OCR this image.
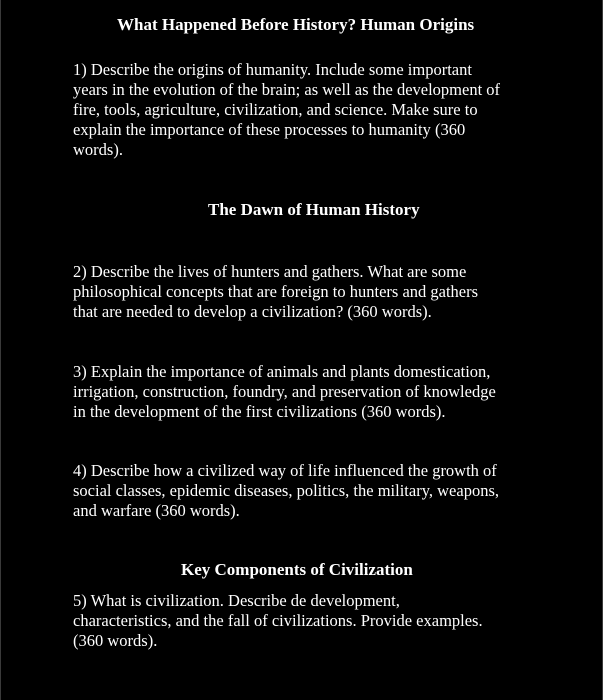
What Happened Before History? Human Origins
1) Describe the origins of humanity. Include some important
years in the evolution of the brain; as well as the development of
fire, tools, agriculture, civilization, and science. Make sure to
explain the importance of these processes to humanity (360
words).
The Dawn of Human History
2) Describe the lives of hunters and gathers. What are some
philosophical concepts that are foreign to hunters and gathers
that are needed to develop a civilization? (360 words).
3) Explain the importance of animals and plants domestication,
irrigation, construction, foundry, and preservation of knowledge
in the development of the first civilizations (360 words).
4) Describe how a civilized way of life influenced the growth of
social classes, epidemic diseases, politics, the military, weapons,
and warfare (360 words).
Key Components of Civilization
5) What is civilization. Describe de development,
characteristics, and the fall of civilizations. Provide examples.
(360 words).
